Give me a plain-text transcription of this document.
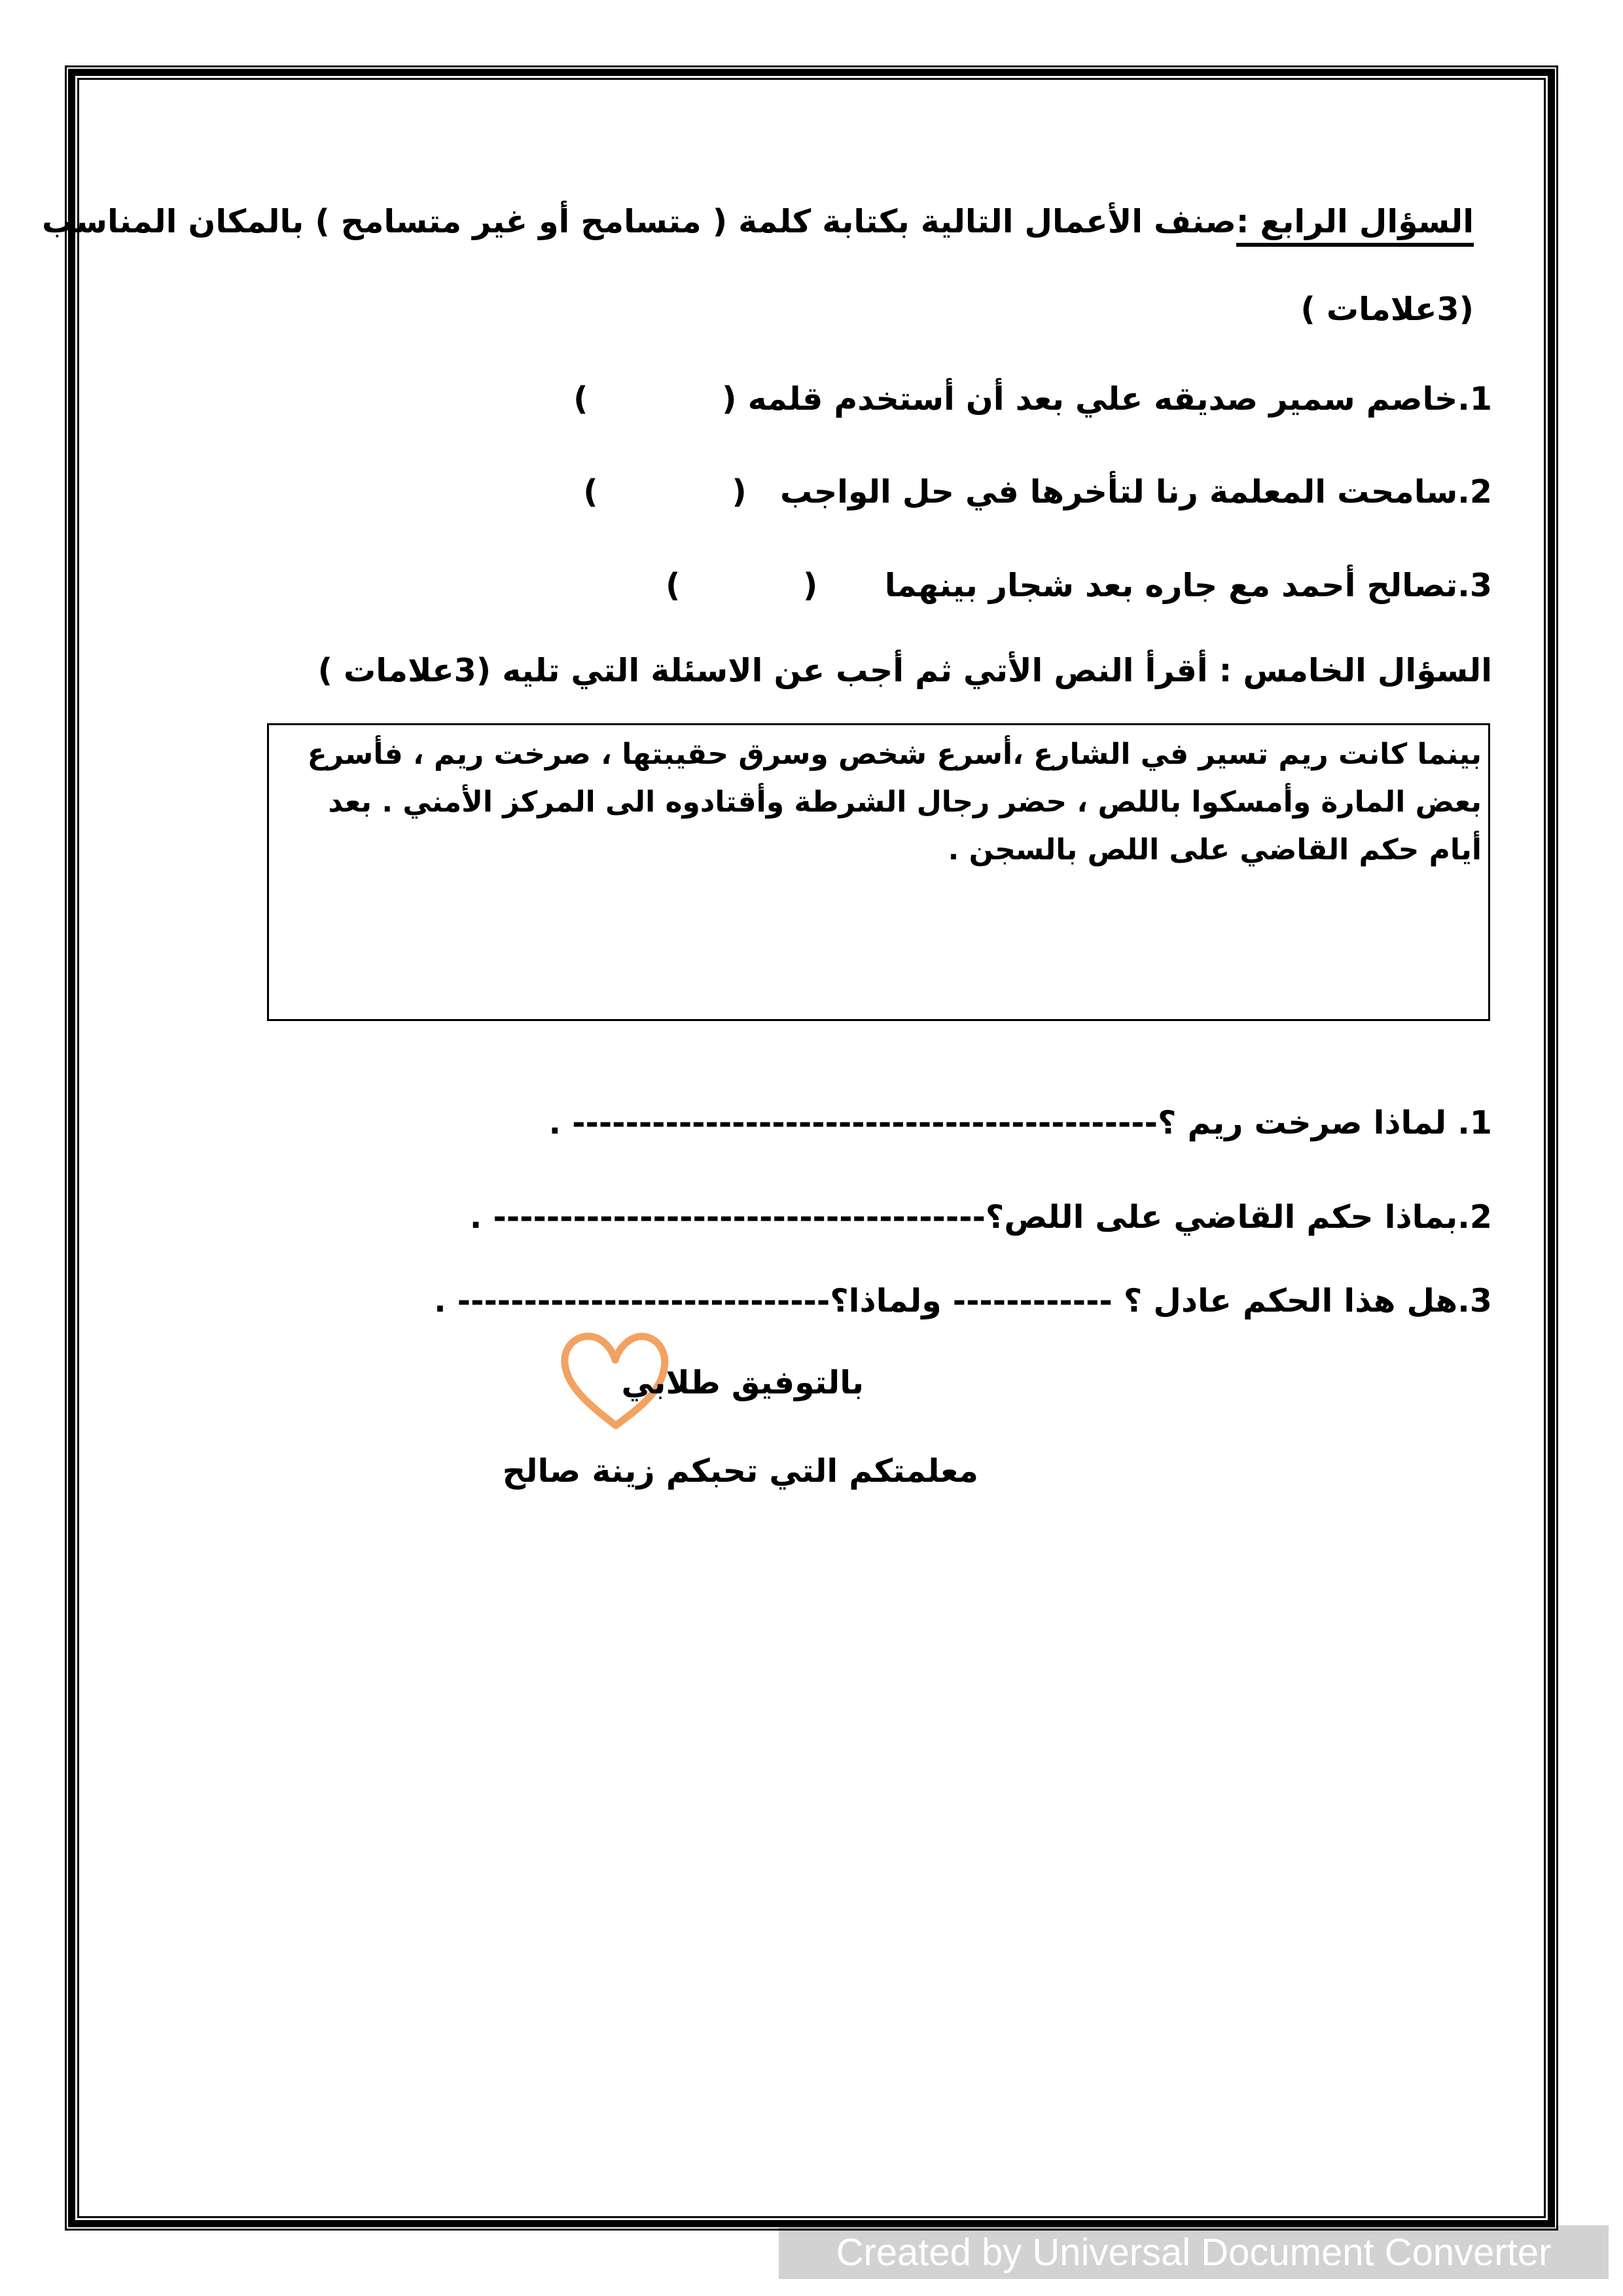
Created by Universal Document Converter
السؤال الرابع :صنف الأعمال التالية بكتابة كلمة ( متسامح أو غير متسامح ) بالمكان المناسب
(3علامات )
1.خاصم سمير صديقه علي بعد أن أستخدم قلمه (            )
2.سامحت المعلمة رنا لتأخرها في حل الواجب   (            )
3.تصالح أحمد مع جاره بعد شجار بينهما      (           )
السؤال الخامس : أقرأ النص الأتي ثم أجب عن الاسئلة التي تليه (3علامات )
بينما كانت ريم تسير في الشارع ،أسرع شخص وسرق حقيبتها ، صرخت ريم ، فأسرع
بعض المارة وأمسكوا باللص ، حضر رجال الشرطة وأقتادوه الى المركز الأمني . بعد
أيام حكم القاضي على اللص بالسجن .
1. لماذا صرخت ريم ؟-------------------------------------------- .
2.بماذا حكم القاضي على اللص؟------------------------------------- .
3.هل هذا الحكم عادل ؟ ------------ ولماذا؟---------------------------- .
بالتوفيق طلابي
معلمتكم التي تحبكم زينة صالح
